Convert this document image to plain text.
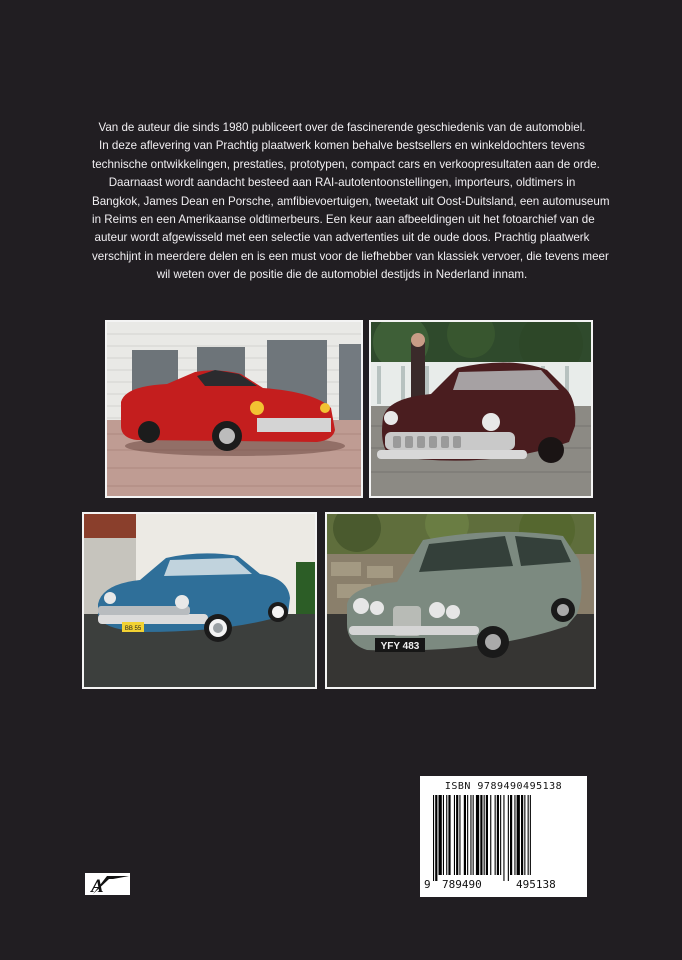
Van de auteur die sinds 1980 publiceert over de fascinerende geschiedenis van de automobiel.
In deze aflevering van Prachtig plaatwerk komen behalve bestsellers en winkeldochters tevens
technische ontwikkelingen, prestaties, prototypen, compact cars en verkoopresultaten aan de orde.
Daarnaast wordt aandacht besteed aan RAI-autotentoonstellingen, importeurs, oldtimers in
Bangkok, James Dean en Porsche, amfibievoertuigen, tweetakt uit Oost-Duitsland, een automuseum
in Reims en een Amerikaanse oldtimerbeurs. Een keur aan afbeeldingen uit het fotoarchief van de
auteur wordt afgewisseld met een selectie van advertenties uit de oude doos. Prachtig plaatwerk
verschijnt in meerdere delen en is een must voor de liefhebber van klassiek vervoer, die tevens meer
wil weten over de positie die de automobiel destijds in Nederland innam.
BB 55
YFY 483
A
ISBN 9789490495138
9 789490	495138
